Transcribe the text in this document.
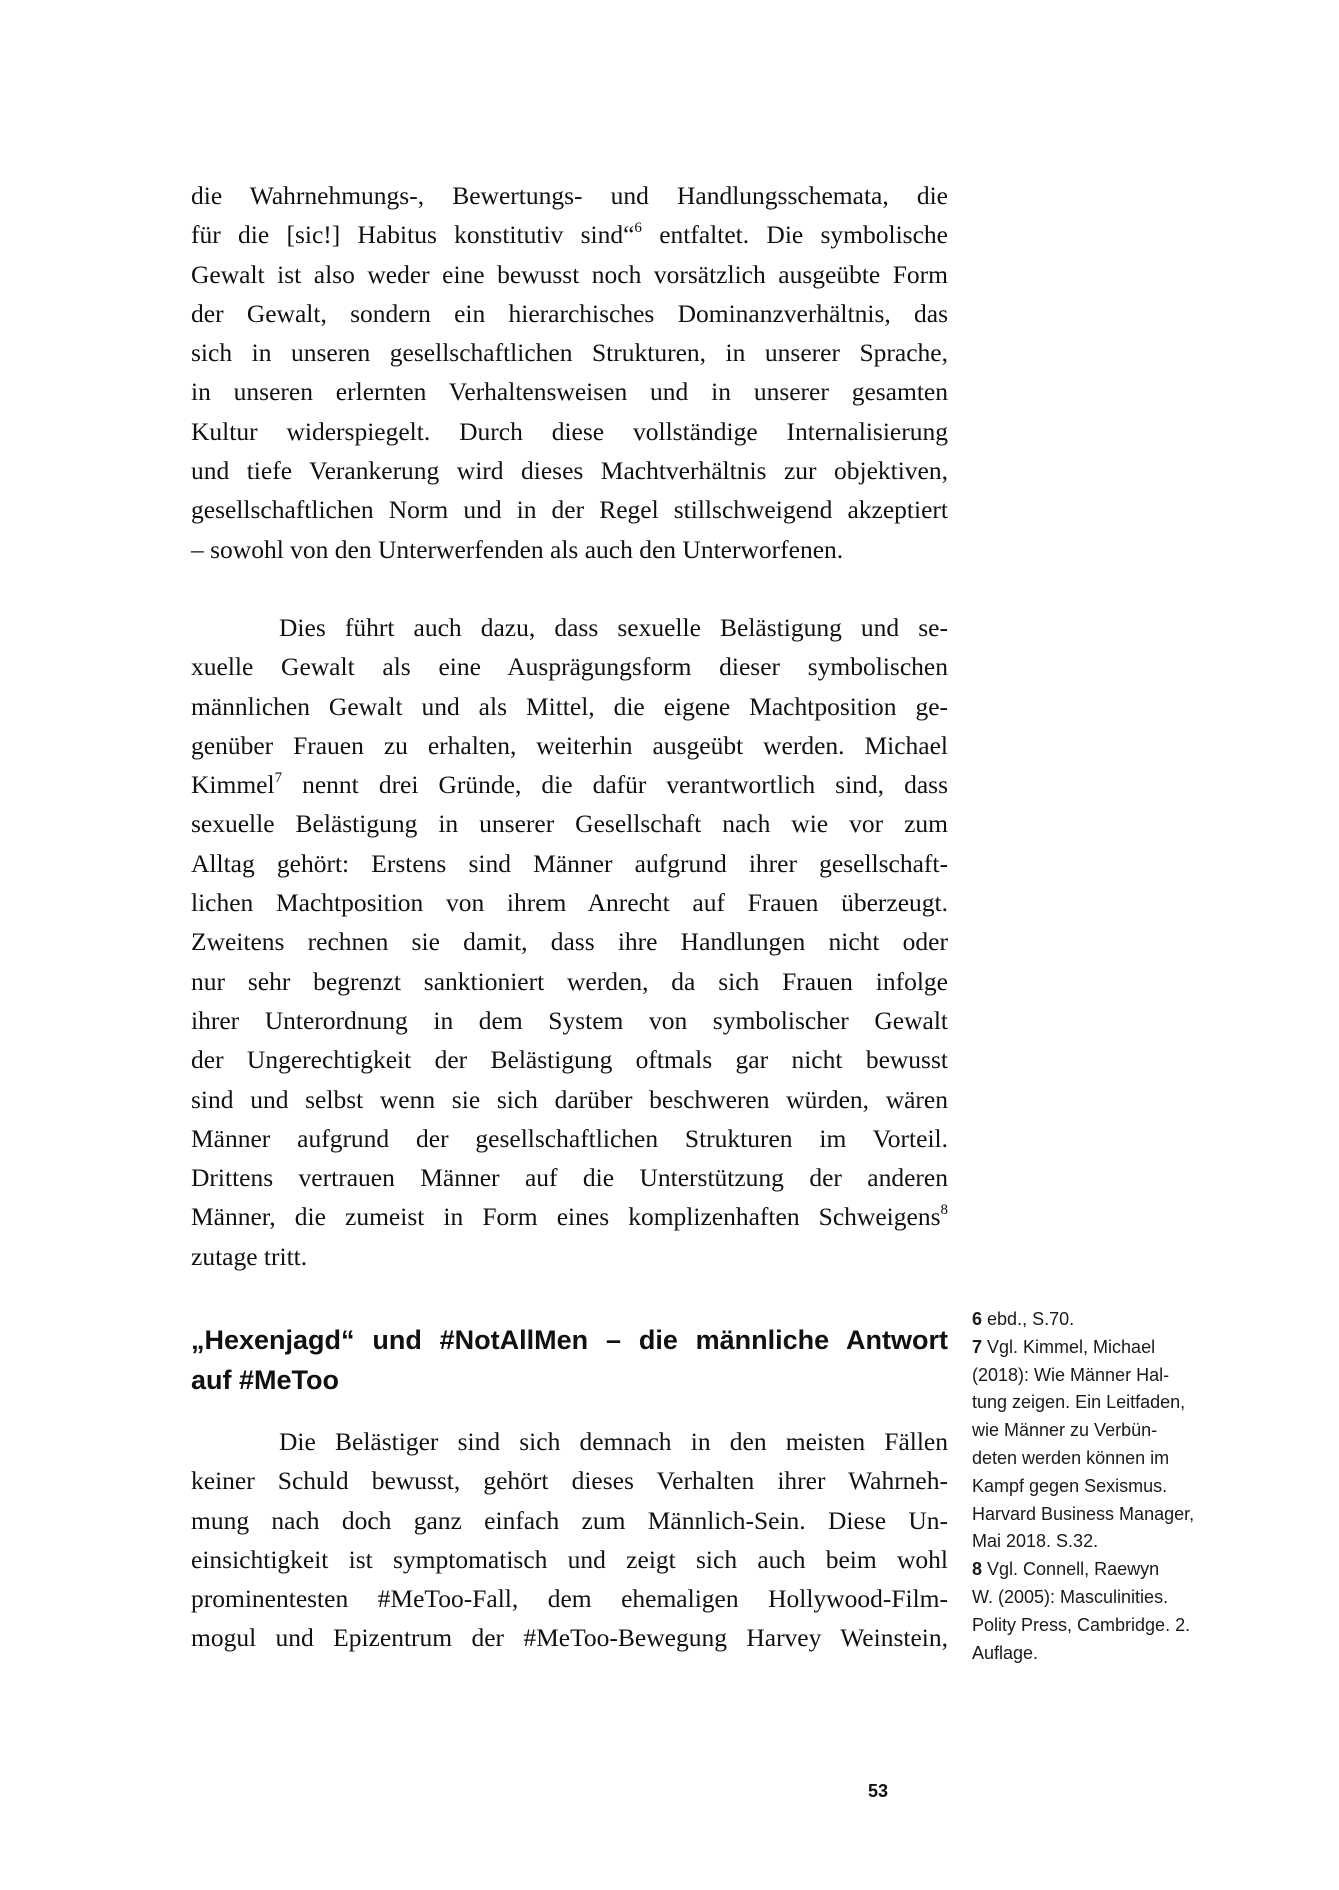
die Wahrnehmungs-, Bewertungs- und Handlungsschemata, die
für die [sic!] Habitus konstitutiv sind“$^6$ entfaltet. Die symbolische
Gewalt ist also weder eine bewusst noch vorsätzlich ausgeübte Form
der Gewalt, sondern ein hierarchisches Dominanzverhältnis, das
sich in unseren gesellschaftlichen Strukturen, in unserer Sprache,
in unseren erlernten Verhaltensweisen und in unserer gesamten
Kultur widerspiegelt. Durch diese vollständige Internalisierung
und tiefe Verankerung wird dieses Machtverhältnis zur objektiven,
gesellschaftlichen Norm und in der Regel stillschweigend akzeptiert
– sowohl von den Unterwerfenden als auch den Unterworfenen.
Dies führt auch dazu, dass sexuelle Belästigung und se-
xuelle Gewalt als eine Ausprägungsform dieser symbolischen
männlichen Gewalt und als Mittel, die eigene Machtposition ge-
genüber Frauen zu erhalten, weiterhin ausgeübt werden. Michael
Kimmel$^7$ nennt drei Gründe, die dafür verantwortlich sind, dass
sexuelle Belästigung in unserer Gesellschaft nach wie vor zum
Alltag gehört: Erstens sind Männer aufgrund ihrer gesellschaft-
lichen Machtposition von ihrem Anrecht auf Frauen überzeugt.
Zweitens rechnen sie damit, dass ihre Handlungen nicht oder
nur sehr begrenzt sanktioniert werden, da sich Frauen infolge
ihrer Unterordnung in dem System von symbolischer Gewalt
der Ungerechtigkeit der Belästigung oftmals gar nicht bewusst
sind und selbst wenn sie sich darüber beschweren würden, wären
Männer aufgrund der gesellschaftlichen Strukturen im Vorteil.
Drittens vertrauen Männer auf die Unterstützung der anderen
Männer, die zumeist in Form eines komplizenhaften Schweigens$^8$
zutage tritt.
„Hexenjagd“ und #NotAllMen – die männliche Antwort
auf #MeToo
Die Belästiger sind sich demnach in den meisten Fällen
keiner Schuld bewusst, gehört dieses Verhalten ihrer Wahrneh-
mung nach doch ganz einfach zum Männlich-Sein. Diese Un-
einsichtigkeit ist symptomatisch und zeigt sich auch beim wohl
prominentesten #MeToo-Fall, dem ehemaligen Hollywood-Film-
mogul und Epizentrum der #MeToo-Bewegung Harvey Weinstein,
6 ebd., S.70.
7 Vgl. Kimmel, Michael
(2018): Wie Männer Hal-
tung zeigen. Ein Leitfaden,
wie Männer zu Verbün-
deten werden können im
Kampf gegen Sexismus.
Harvard Business Manager,
Mai 2018. S.32.
8 Vgl. Connell, Raewyn
W. (2005): Masculinities.
Polity Press, Cambridge. 2.
Auflage.
53
